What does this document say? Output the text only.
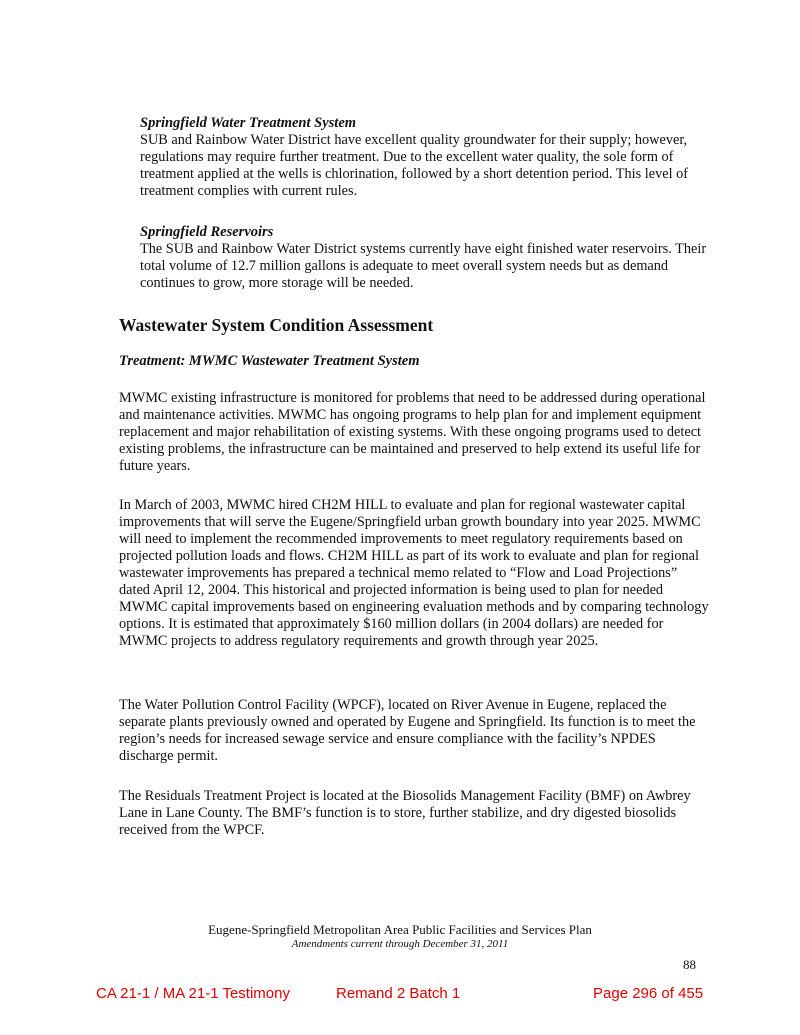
Springfield Water Treatment System

SUB and Rainbow Water District have excellent quality groundwater for their supply; however, regulations may require further treatment. Due to the excellent water quality, the sole form of treatment applied at the wells is chlorination, followed by a short detention period. This level of treatment complies with current rules.

Springfield Reservoirs

The SUB and Rainbow Water District systems currently have eight finished water reservoirs. Their total volume of 12.7 million gallons is adequate to meet overall system needs but as demand continues to grow, more storage will be needed.

Wastewater System Condition Assessment

Treatment: MWMC Wastewater Treatment System

MWMC existing infrastructure is monitored for problems that need to be addressed during operational and maintenance activities. MWMC has ongoing programs to help plan for and implement equipment replacement and major rehabilitation of existing systems. With these ongoing programs used to detect existing problems, the infrastructure can be maintained and preserved to help extend its useful life for future years.

In March of 2003, MWMC hired CH2M HILL to evaluate and plan for regional wastewater capital improvements that will serve the Eugene/Springfield urban growth boundary into year 2025. MWMC will need to implement the recommended improvements to meet regulatory requirements based on projected pollution loads and flows. CH2M HILL as part of its work to evaluate and plan for regional wastewater improvements has prepared a technical memo related to “Flow and Load Projections” dated April 12, 2004. This historical and projected information is being used to plan for needed MWMC capital improvements based on engineering evaluation methods and by comparing technology options. It is estimated that approximately $160 million dollars (in 2004 dollars) are needed for MWMC projects to address regulatory requirements and growth through year 2025.

The Water Pollution Control Facility (WPCF), located on River Avenue in Eugene, replaced the separate plants previously owned and operated by Eugene and Springfield. Its function is to meet the region’s needs for increased sewage service and ensure compliance with the facility’s NPDES discharge permit.

The Residuals Treatment Project is located at the Biosolids Management Facility (BMF) on Awbrey Lane in Lane County. The BMF’s function is to store, further stabilize, and dry digested biosolids received from the WPCF.

Eugene-Springfield Metropolitan Area Public Facilities and Services Plan
Amendments current through December 31, 2011
88
CA 21-1 / MA 21-1 Testimony	Remand 2 Batch 1	Page 296 of 455
